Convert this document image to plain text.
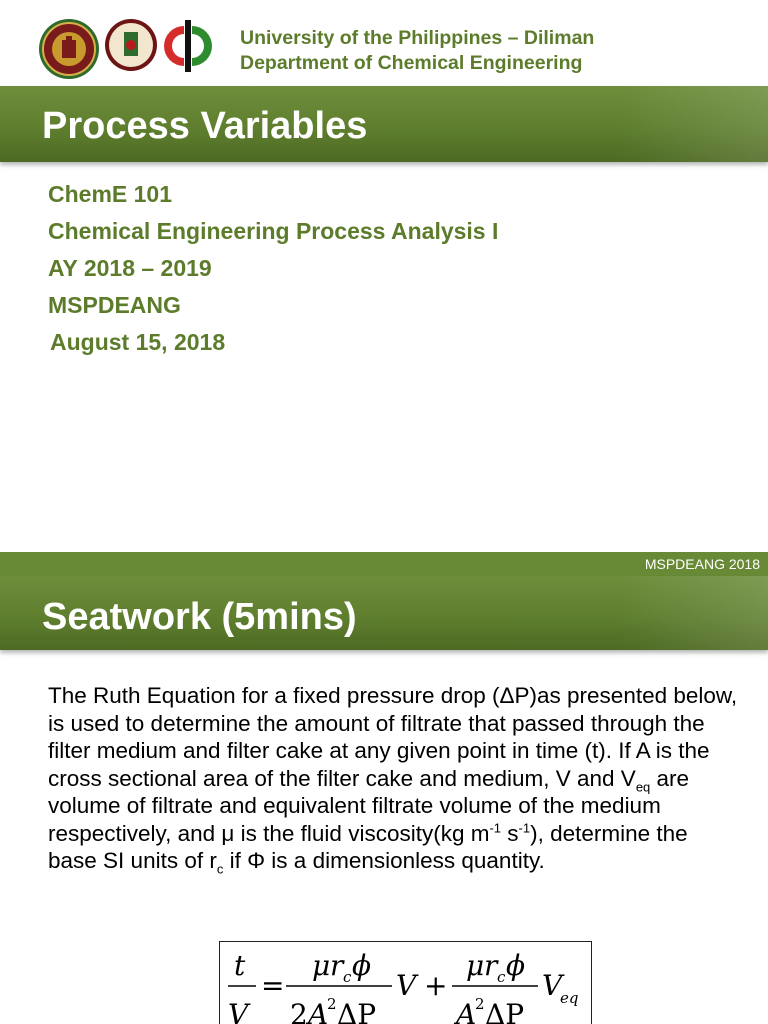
University of the Philippines – Diliman
Department of Chemical Engineering
Process Variables
ChemE 101
Chemical Engineering Process Analysis I
AY 2018 – 2019
MSPDEANG
August 15, 2018
MSPDEANG 2018
Seatwork (5mins)
The Ruth Equation for a fixed pressure drop (ΔP)as presented below, is used to determine the amount of filtrate that passed through the filter medium and filter cake at any given point in time (t). If A is the cross sectional area of the filter cake and medium, V and $V_{eq}$ are volume of filtrate and equivalent filtrate volume of the medium respectively, and μ is the fluid viscosity(kg $m^{-1}$ $s^{-1}$), determine the base SI units of $r_c$ if Φ is a dimensionless quantity.
t
V
=
μ r c ϕ
2 A
2 ΔP
V +
μ r c ϕ
A
2 ΔP
V
eq
